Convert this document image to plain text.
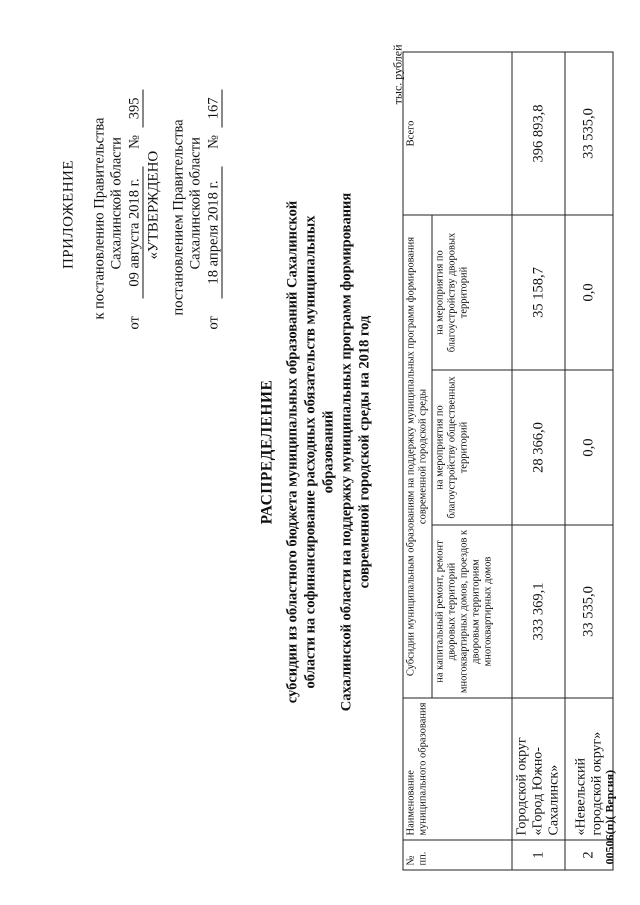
ПРИЛОЖЕНИЕ к постановлению Правительства Сахалинской области
от 09 августа 2018 г. № 395
«УТВЕРЖДЕНО постановлением Правительства Сахалинской области
от 18 апреля 2018 г. № 167
РАСПРЕДЕЛЕНИЕ субсидии из областного бюджета муниципальных образований Сахалинской области на софинансирование расходных обязательств муниципальных образований Сахалинской области на поддержку муниципальных программ формирования современной городской среды на 2018 год
тыс. рублей
№ пп.	Наименование муниципального образования	Субсидии муниципальным образованиям на поддержку муниципальных программ формирования современной городской среды			Всего
		на капитальный ремонт, ремонт дворовых территорий многоквартирных домов, проездов к дворовым территориям многоквартирных домов	на мероприятия по благоустройству общественных территорий	на мероприятия по благоустройству дворовых территорий	
1	Городской округ «Город Южно-Сахалинск»	333 369,1	28 366,0	35 158,7	396 893,8
2	«Невельский городской округ»	33 535,0	0,0	0,0	33 535,0
00506(п)( Версия)
